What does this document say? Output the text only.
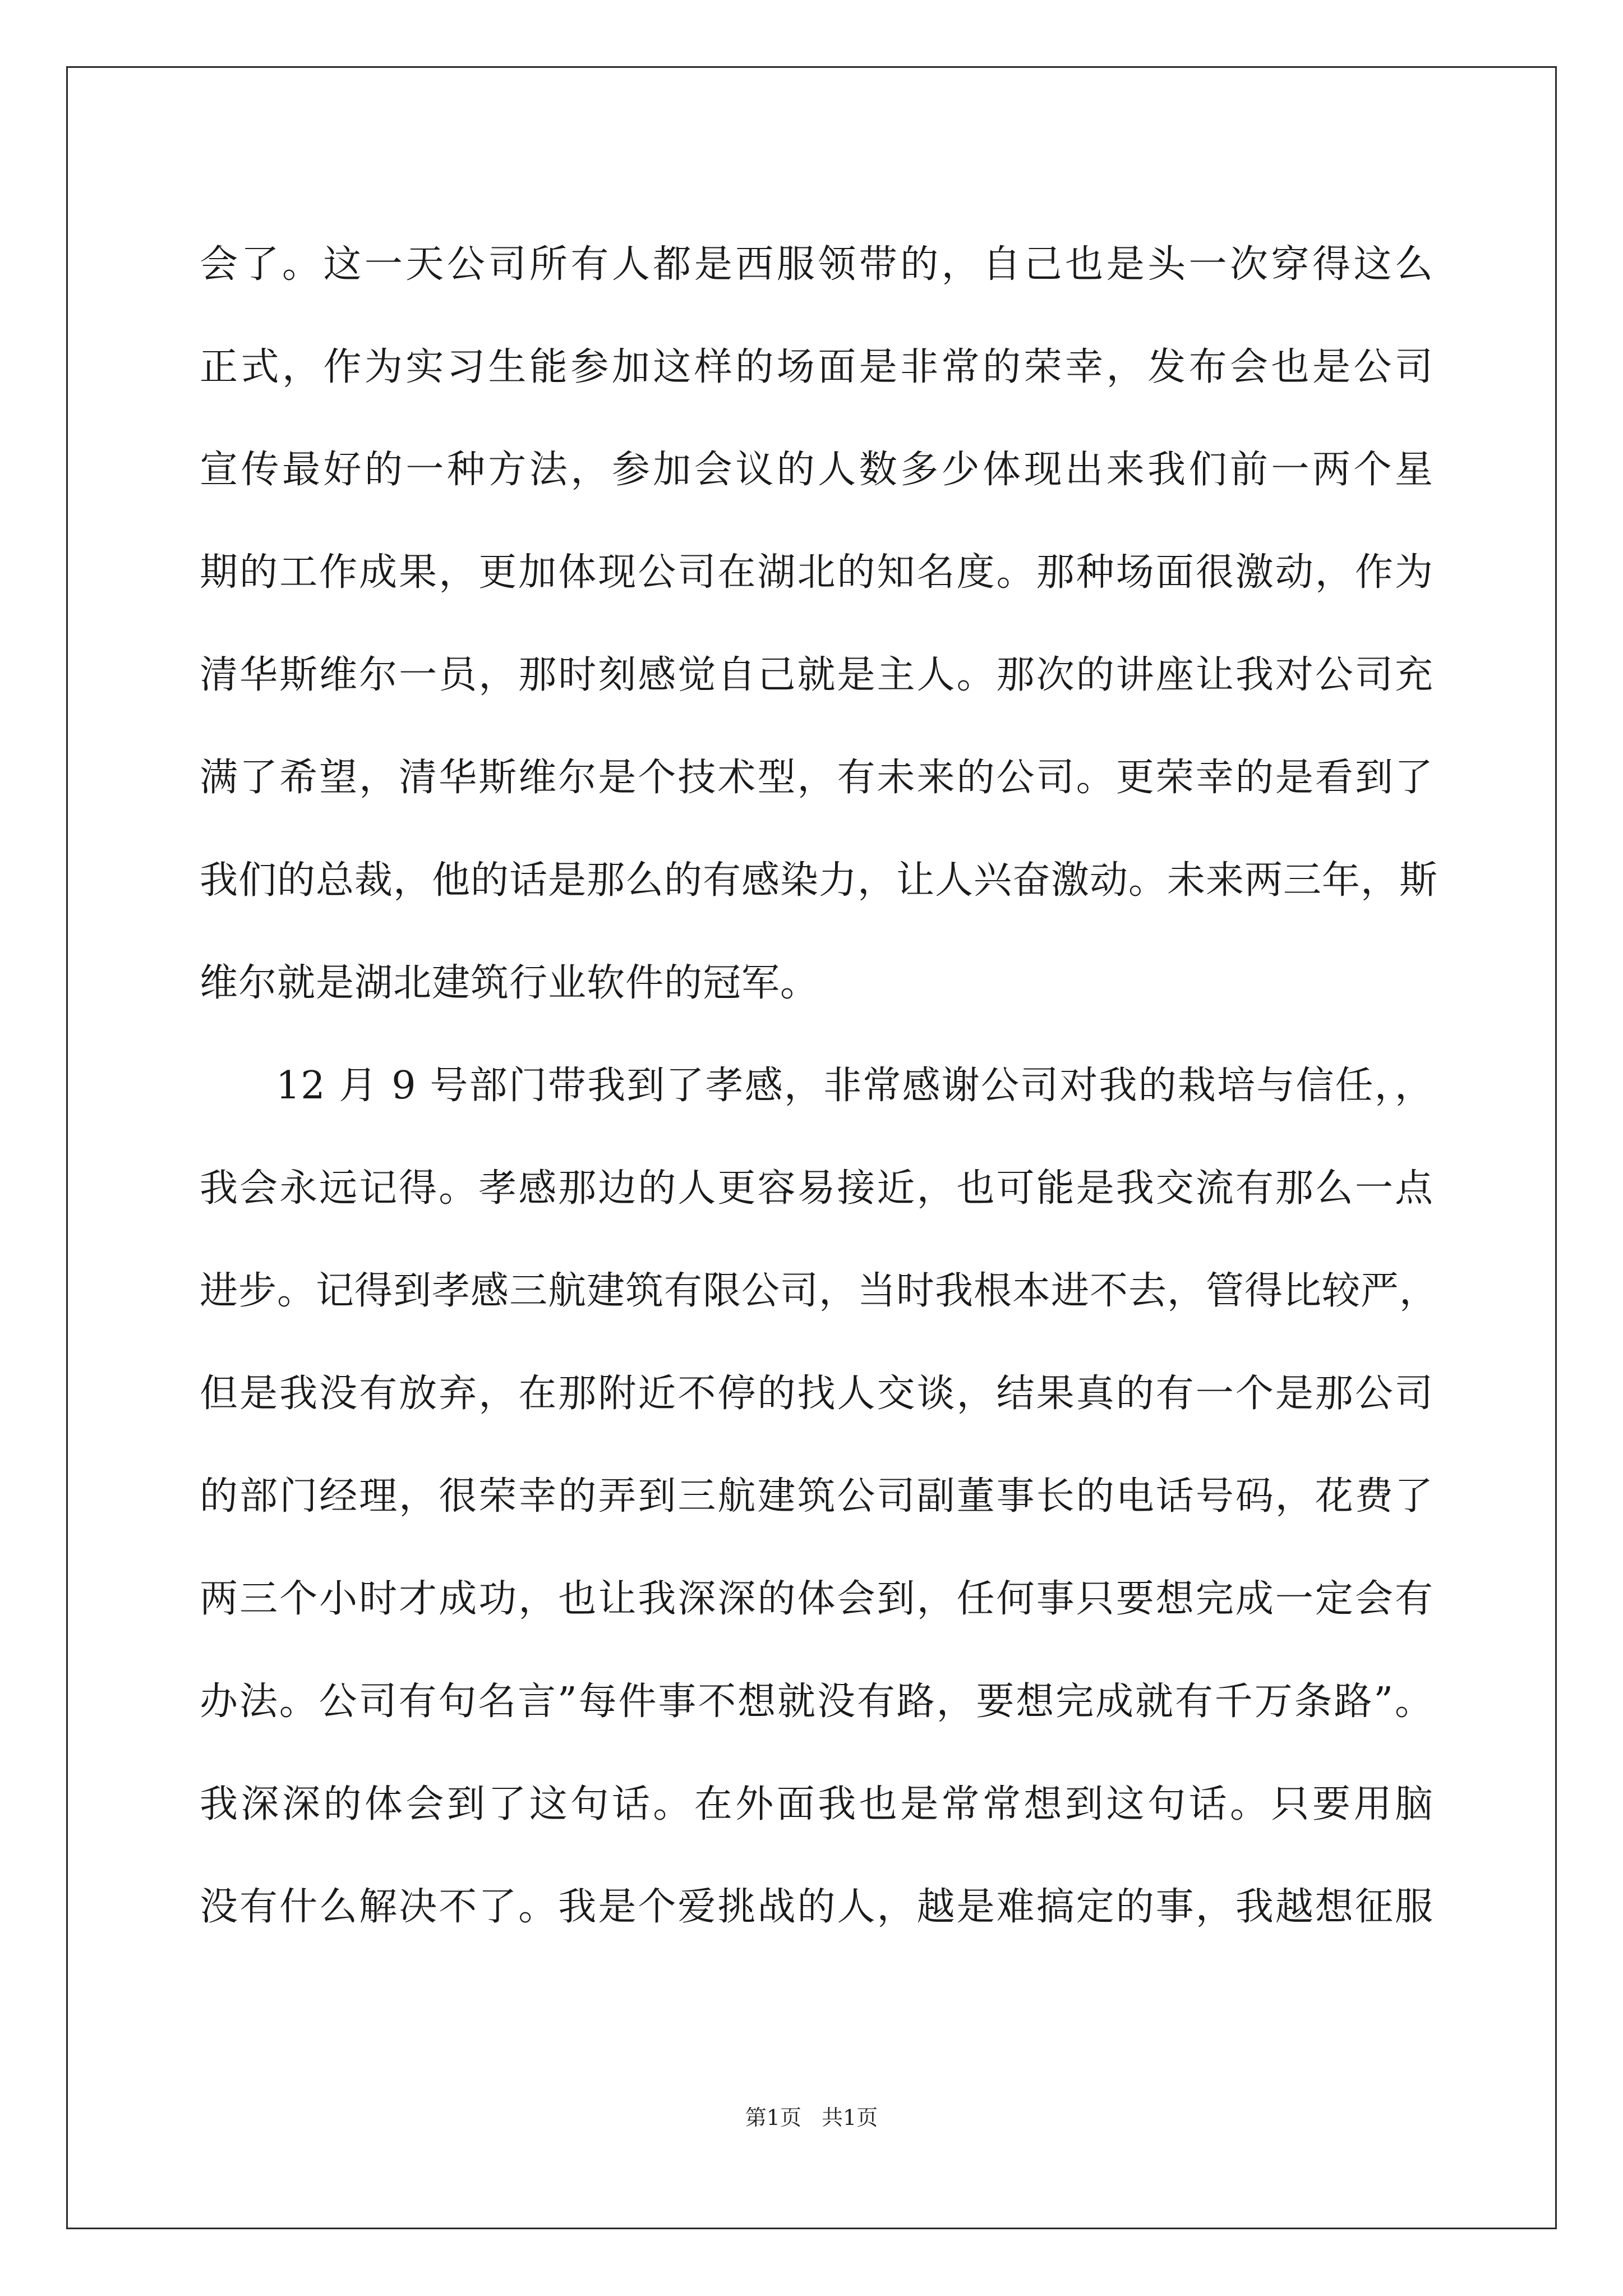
会了。这一天公司所有人都是西服领带的，自己也是头一次穿得这么
正式，作为实习生能参加这样的场面是非常的荣幸，发布会也是公司
宣传最好的一种方法，参加会议的人数多少体现出来我们前一两个星
期的工作成果，更加体现公司在湖北的知名度。那种场面很激动，作为
清华斯维尔一员，那时刻感觉自己就是主人。那次的讲座让我对公司充
满了希望，清华斯维尔是个技术型，有未来的公司。更荣幸的是看到了
我们的总裁，他的话是那么的有感染力，让人兴奋激动。未来两三年，斯
维尔就是湖北建筑行业软件的冠军。
12 月 9 号部门带我到了孝感，非常感谢公司对我的栽培与信任，，
我会永远记得。孝感那边的人更容易接近，也可能是我交流有那么一点
进步。记得到孝感三航建筑有限公司，当时我根本进不去，管得比较严，
但是我没有放弃，在那附近不停的找人交谈，结果真的有一个是那公司
的部门经理，很荣幸的弄到三航建筑公司副董事长的电话号码，花费了
两三个小时才成功，也让我深深的体会到，任何事只要想完成一定会有
办法。公司有句名言”每件事不想就没有路，要想完成就有千万条路”。
我深深的体会到了这句话。在外面我也是常常想到这句话。只要用脑
没有什么解决不了。我是个爱挑战的人，越是难搞定的事，我越想征服
第1页 共1页
